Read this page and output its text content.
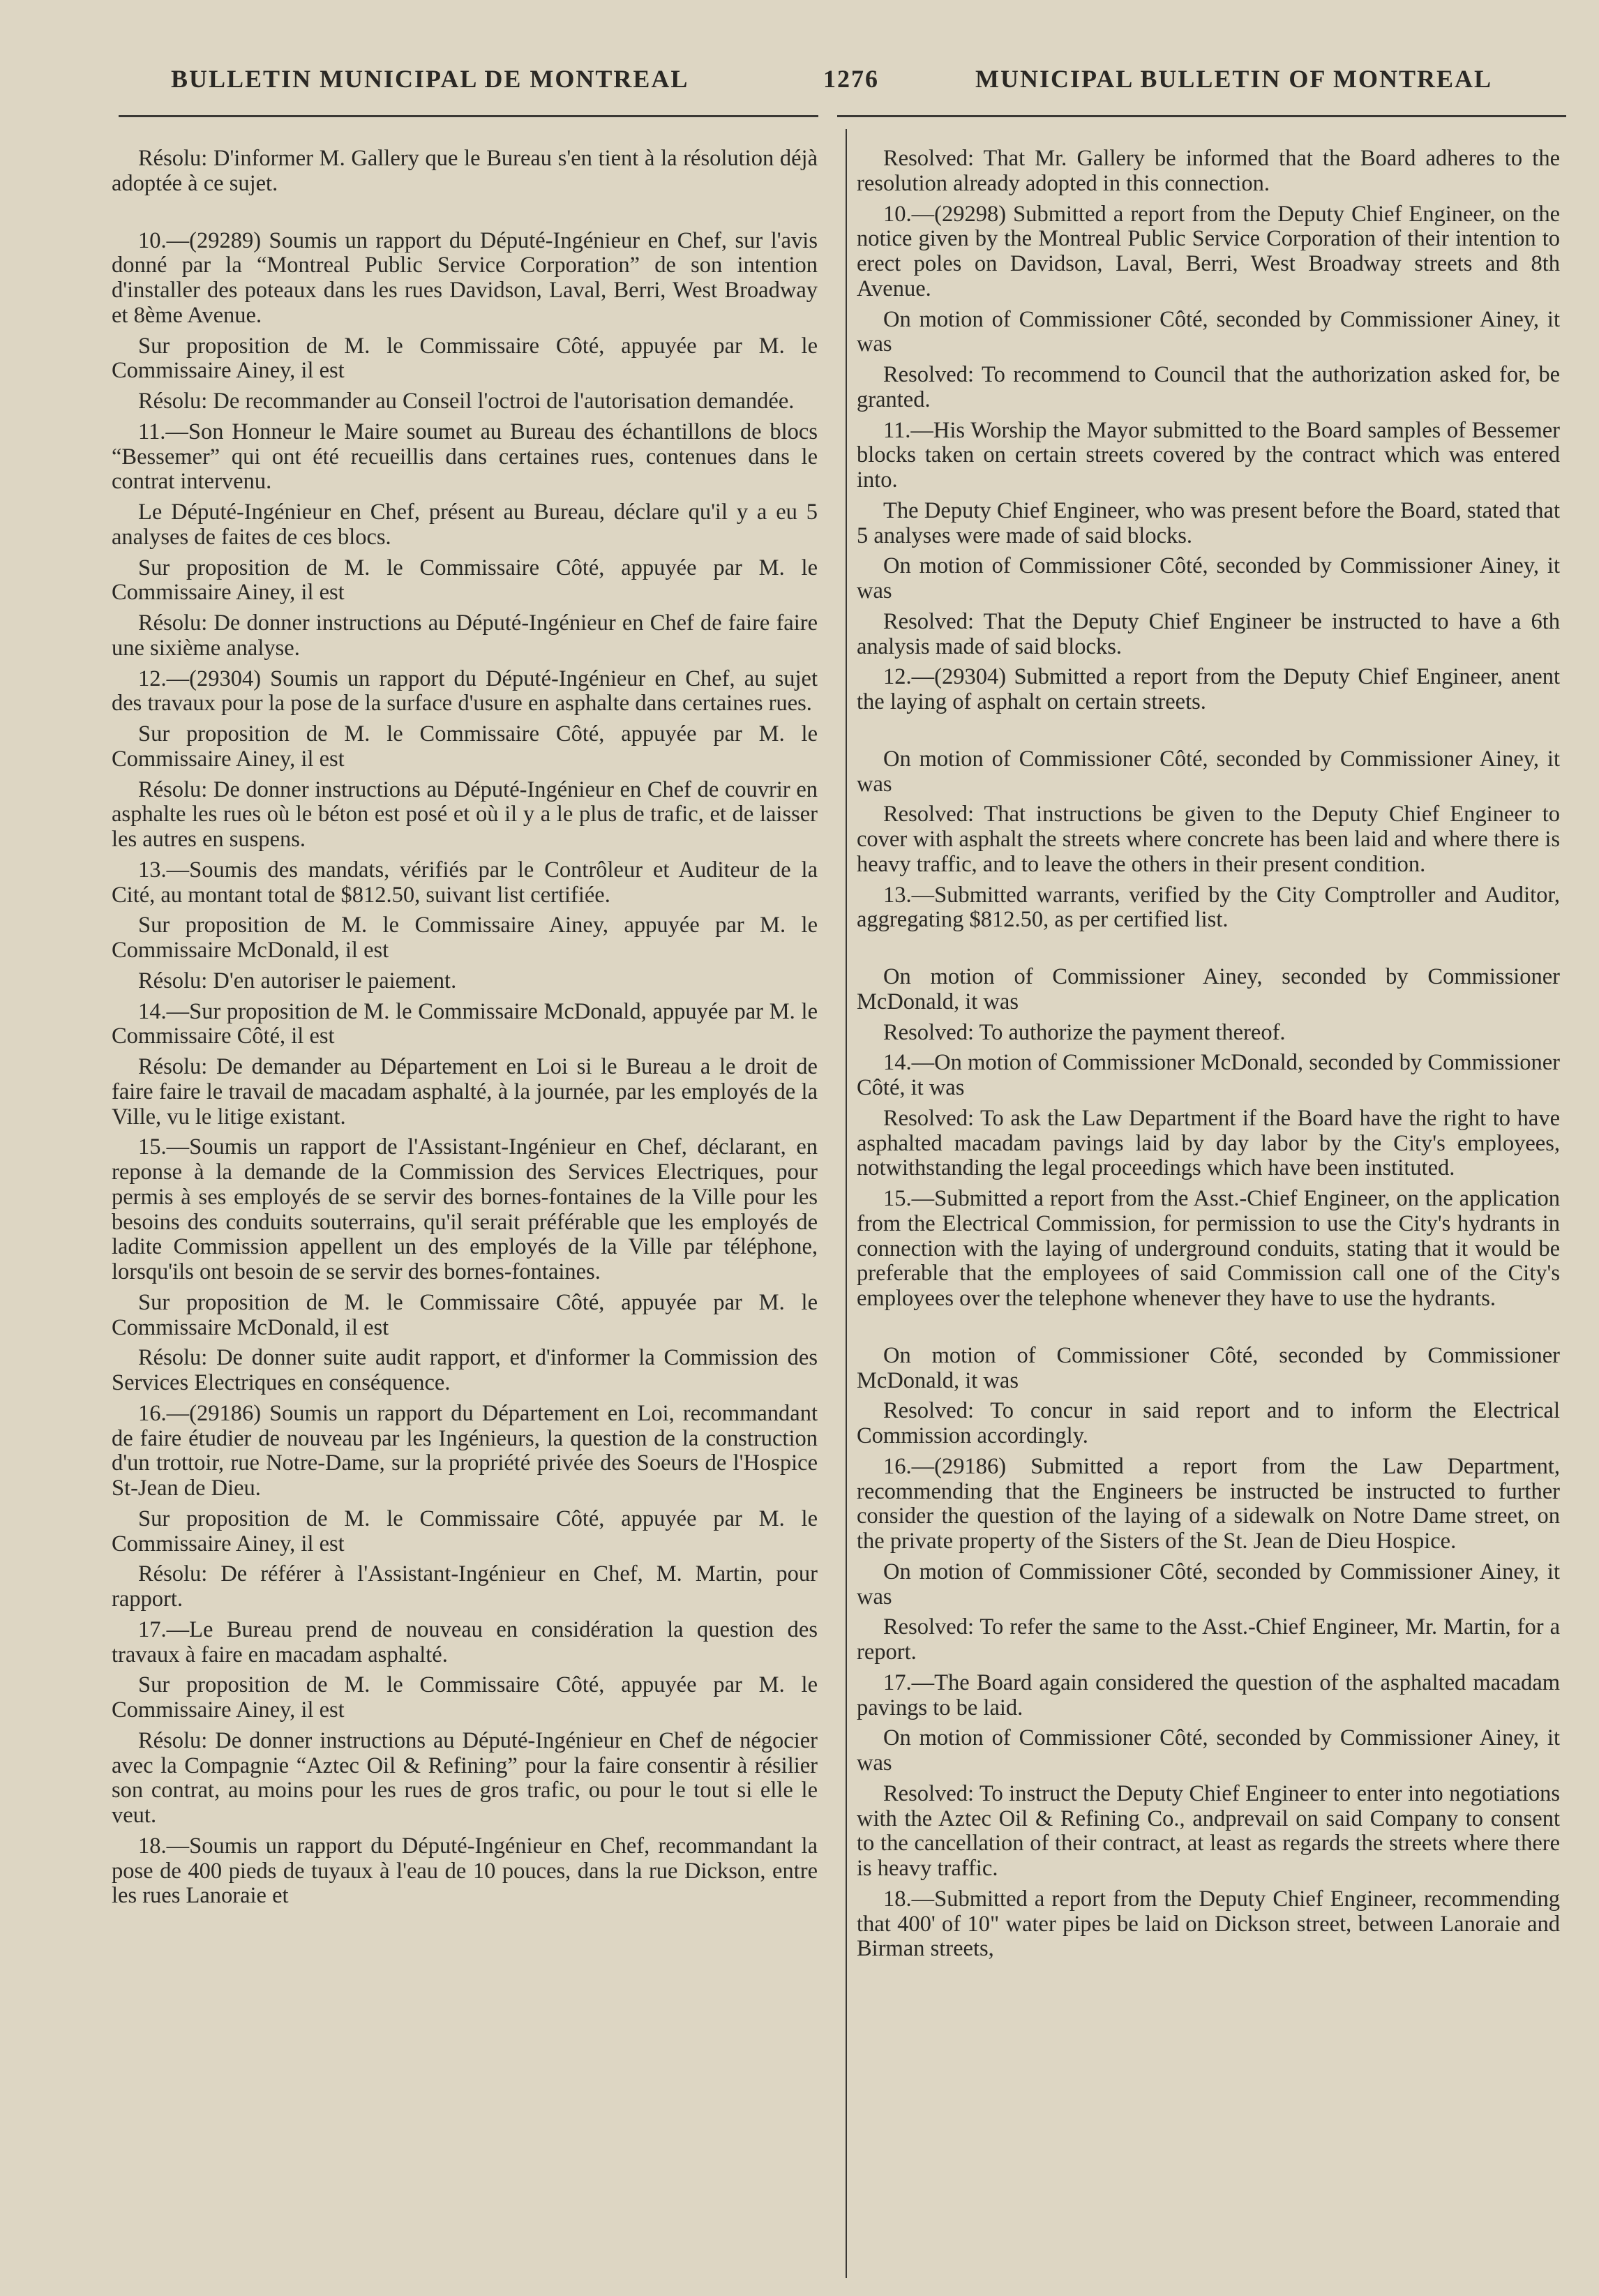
BULLETIN MUNICIPAL DE MONTREAL	1276	MUNICIPAL BULLETIN OF MONTREAL

Résolu: D'informer M. Gallery que le Bureau s'en tient à la résolution déjà adoptée à ce sujet.

10.—(29289) Soumis un rapport du Député-Ingénieur en Chef, sur l'avis donné par la “Montreal Public Service Corporation” de son intention d'installer des poteaux dans les rues Davidson, Laval, Berri, West Broadway et 8ème Avenue.

Sur proposition de M. le Commissaire Côté, appuyée par M. le Commissaire Ainey, il est

Résolu: De recommander au Conseil l'octroi de l'autorisation demandée.

11.—Son Honneur le Maire soumet au Bureau des échantillons de blocs “Bessemer” qui ont été recueillis dans certaines rues, contenues dans le contrat intervenu.

Le Député-Ingénieur en Chef, présent au Bureau, déclare qu'il y a eu 5 analyses de faites de ces blocs.

Sur proposition de M. le Commissaire Côté, appuyée par M. le Commissaire Ainey, il est

Résolu: De donner instructions au Député-Ingénieur en Chef de faire faire une sixième analyse.

12.—(29304) Soumis un rapport du Député-Ingénieur en Chef, au sujet des travaux pour la pose de la surface d'usure en asphalte dans certaines rues.

Sur proposition de M. le Commissaire Côté, appuyée par M. le Commissaire Ainey, il est

Résolu: De donner instructions au Député-Ingénieur en Chef de couvrir en asphalte les rues où le béton est posé et où il y a le plus de trafic, et de laisser les autres en suspens.

13.—Soumis des mandats, vérifiés par le Contrôleur et Auditeur de la Cité, au montant total de $812.50, suivant list certifiée.

Sur proposition de M. le Commissaire Ainey, appuyée par M. le Commissaire McDonald, il est

Résolu: D'en autoriser le paiement.

14.—Sur proposition de M. le Commissaire McDonald, appuyée par M. le Commissaire Côté, il est

Résolu: De demander au Département en Loi si le Bureau a le droit de faire faire le travail de macadam asphalté, à la journée, par les employés de la Ville, vu le litige existant.

15.—Soumis un rapport de l'Assistant-Ingénieur en Chef, déclarant, en reponse à la demande de la Commission des Services Electriques, pour permis à ses employés de se servir des bornes-fontaines de la Ville pour les besoins des conduits souterrains, qu'il serait préférable que les employés de ladite Commission appellent un des employés de la Ville par téléphone, lorsqu'ils ont besoin de se servir des bornes-fontaines.

Sur proposition de M. le Commissaire Côté, appuyée par M. le Commissaire McDonald, il est

Résolu: De donner suite audit rapport, et d'informer la Commission des Services Electriques en conséquence.

16.—(29186) Soumis un rapport du Département en Loi, recommandant de faire étudier de nouveau par les Ingénieurs, la question de la construction d'un trottoir, rue Notre-Dame, sur la propriété privée des Soeurs de l'Hospice St-Jean de Dieu.

Sur proposition de M. le Commissaire Côté, appuyée par M. le Commissaire Ainey, il est

Résolu: De référer à l'Assistant-Ingénieur en Chef, M. Martin, pour rapport.

17.—Le Bureau prend de nouveau en considération la question des travaux à faire en macadam asphalté.

Sur proposition de M. le Commissaire Côté, appuyée par M. le Commissaire Ainey, il est

Résolu: De donner instructions au Député-Ingénieur en Chef de négocier avec la Compagnie “Aztec Oil & Refining” pour la faire consentir à résilier son contrat, au moins pour les rues de gros trafic, ou pour le tout si elle le veut.

18.—Soumis un rapport du Député-Ingénieur en Chef, recommandant la pose de 400 pieds de tuyaux à l'eau de 10 pouces, dans la rue Dickson, entre les rues Lanoraie et

Resolved: That Mr. Gallery be informed that the Board adheres to the resolution already adopted in this connection.

10.—(29298) Submitted a report from the Deputy Chief Engineer, on the notice given by the Montreal Public Service Corporation of their intention to erect poles on Davidson, Laval, Berri, West Broadway streets and 8th Avenue.

On motion of Commissioner Côté, seconded by Commissioner Ainey, it was

Resolved: To recommend to Council that the authorization asked for, be granted.

11.—His Worship the Mayor submitted to the Board samples of Bessemer blocks taken on certain streets covered by the contract which was entered into.

The Deputy Chief Engineer, who was present before the Board, stated that 5 analyses were made of said blocks.

On motion of Commissioner Côté, seconded by Commissioner Ainey, it was

Resolved: That the Deputy Chief Engineer be instructed to have a 6th analysis made of said blocks.

12.—(29304) Submitted a report from the Deputy Chief Engineer, anent the laying of asphalt on certain streets.

On motion of Commissioner Côté, seconded by Commissioner Ainey, it was

Resolved: That instructions be given to the Deputy Chief Engineer to cover with asphalt the streets where concrete has been laid and where there is heavy traffic, and to leave the others in their present condition.

13.—Submitted warrants, verified by the City Comptroller and Auditor, aggregating $812.50, as per certified list.

On motion of Commissioner Ainey, seconded by Commissioner McDonald, it was

Resolved: To authorize the payment thereof.

14.—On motion of Commissioner McDonald, seconded by Commissioner Côté, it was

Resolved: To ask the Law Department if the Board have the right to have asphalted macadam pavings laid by day labor by the City's employees, notwithstanding the legal proceedings which have been instituted.

15.—Submitted a report from the Asst.-Chief Engineer, on the application from the Electrical Commission, for permission to use the City's hydrants in connection with the laying of underground conduits, stating that it would be preferable that the employees of said Commission call one of the City's employees over the telephone whenever they have to use the hydrants.

On motion of Commissioner Côté, seconded by Commissioner McDonald, it was

Resolved: To concur in said report and to inform the Electrical Commission accordingly.

16.—(29186) Submitted a report from the Law Department, recommending that the Engineers be instructed be instructed to further consider the question of the laying of a sidewalk on Notre Dame street, on the private property of the Sisters of the St. Jean de Dieu Hospice.

On motion of Commissioner Côté, seconded by Commissioner Ainey, it was

Resolved: To refer the same to the Asst.-Chief Engineer, Mr. Martin, for a report.

17.—The Board again considered the question of the asphalted macadam pavings to be laid.

On motion of Commissioner Côté, seconded by Commissioner Ainey, it was

Resolved: To instruct the Deputy Chief Engineer to enter into negotiations with the Aztec Oil & Refining Co., andprevail on said Company to consent to the cancellation of their contract, at least as regards the streets where there is heavy traffic.

18.—Submitted a report from the Deputy Chief Engineer, recommending that 400' of 10" water pipes be laid on Dickson street, between Lanoraie and Birman streets,
